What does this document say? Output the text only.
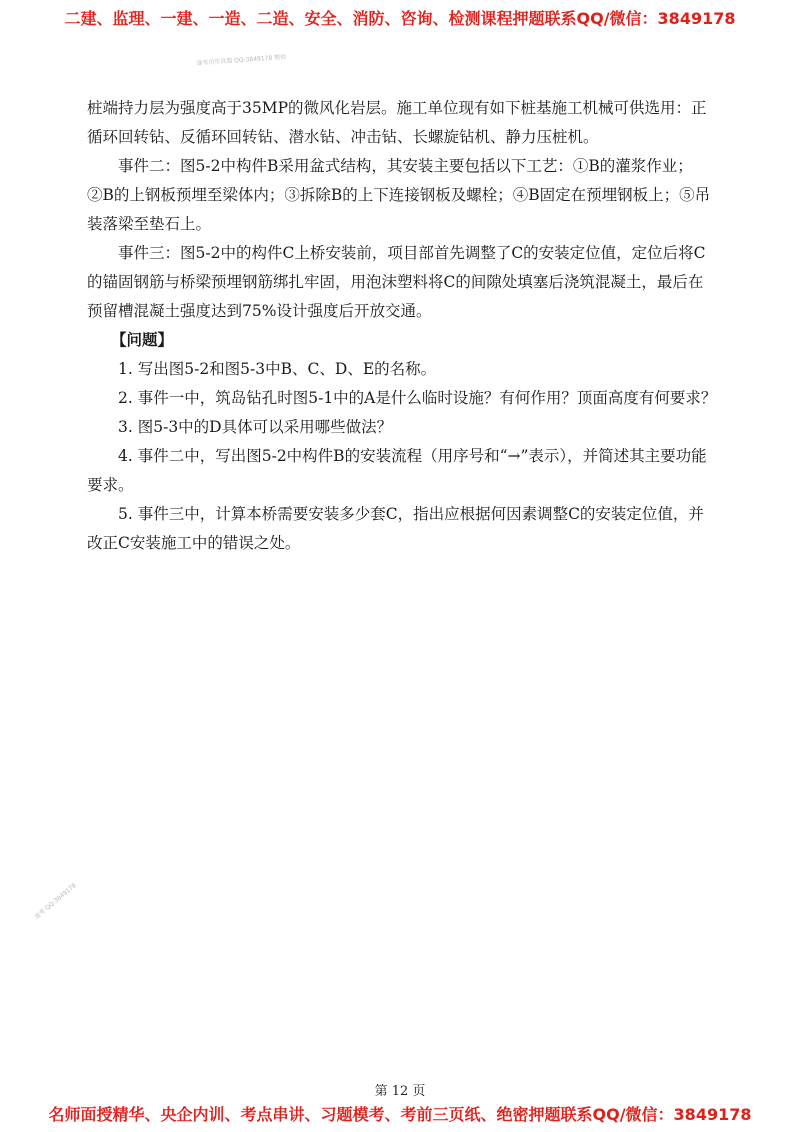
二建、监理、一建、一造、二造、安全、消防、咨询、检测课程押题联系QQ/微信：3849178
速考历年真题 QQ:3849178 微信

桩端持力层为强度高于35MP的微风化岩层。施工单位现有如下桩基施工机械可供选用：正循环回转钻、反循环回转钻、潜水钻、冲击钻、长螺旋钻机、静力压桩机。

事件二：图5-2中构件B采用盆式结构，其安装主要包括以下工艺：①B的灌浆作业；②B的上钢板预埋至梁体内；③拆除B的上下连接钢板及螺栓；④B固定在预埋钢板上；⑤吊装落梁至垫石上。

事件三：图5-2中的构件C上桥安装前，项目部首先调整了C的安装定位值，定位后将C的锚固钢筋与桥梁预埋钢筋绑扎牢固，用泡沫塑料将C的间隙处填塞后浇筑混凝土，最后在预留槽混凝土强度达到75%设计强度后开放交通。

【问题】

1. 写出图5-2和图5-3中B、C、D、E的名称。

2. 事件一中，筑岛钻孔时图5-1中的A是什么临时设施？有何作用？顶面高度有何要求？

3. 图5-3中的D具体可以采用哪些做法？

4. 事件二中，写出图5-2中构件B的安装流程（用序号和“→”表示），并简述其主要功能要求。

5. 事件三中，计算本桥需要安装多少套C，指出应根据何因素调整C的安装定位值，并改正C安装施工中的错误之处。

速考 QQ:3849178
第 12 页
名师面授精华、央企内训、考点串讲、习题模考、考前三页纸、绝密押题联系QQ/微信：3849178
